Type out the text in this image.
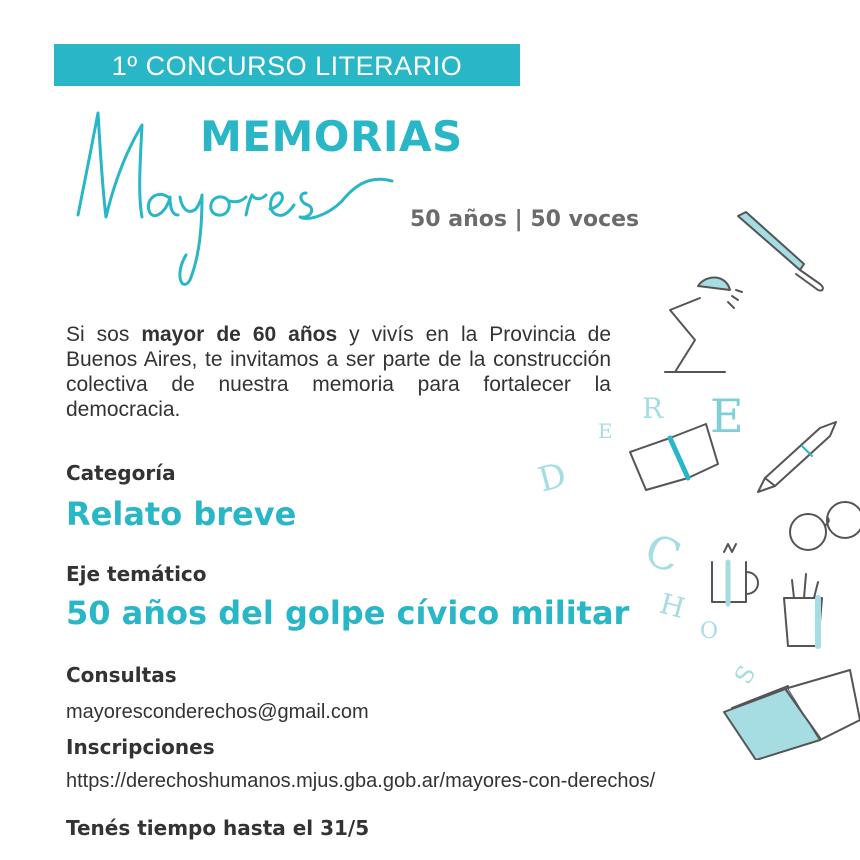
1º CONCURSO LITERARIO
MEMORIAS
50 años | 50 voces

Si sos mayor de 60 años y vivís en la Provincia de Buenos Aires, te invitamos a ser parte de la construcción colectiva de nuestra memoria para fortalecer la democracia.

Categoría
Relato breve
Eje temático
50 años del golpe cívico militar
Consultas
mayoresconderechos@gmail.com
Inscripciones
https://derechoshumanos.mjus.gba.gob.ar/mayores-con-derechos/
Tenés tiempo hasta el 31/5
D
E
R E
C
H
O
S
